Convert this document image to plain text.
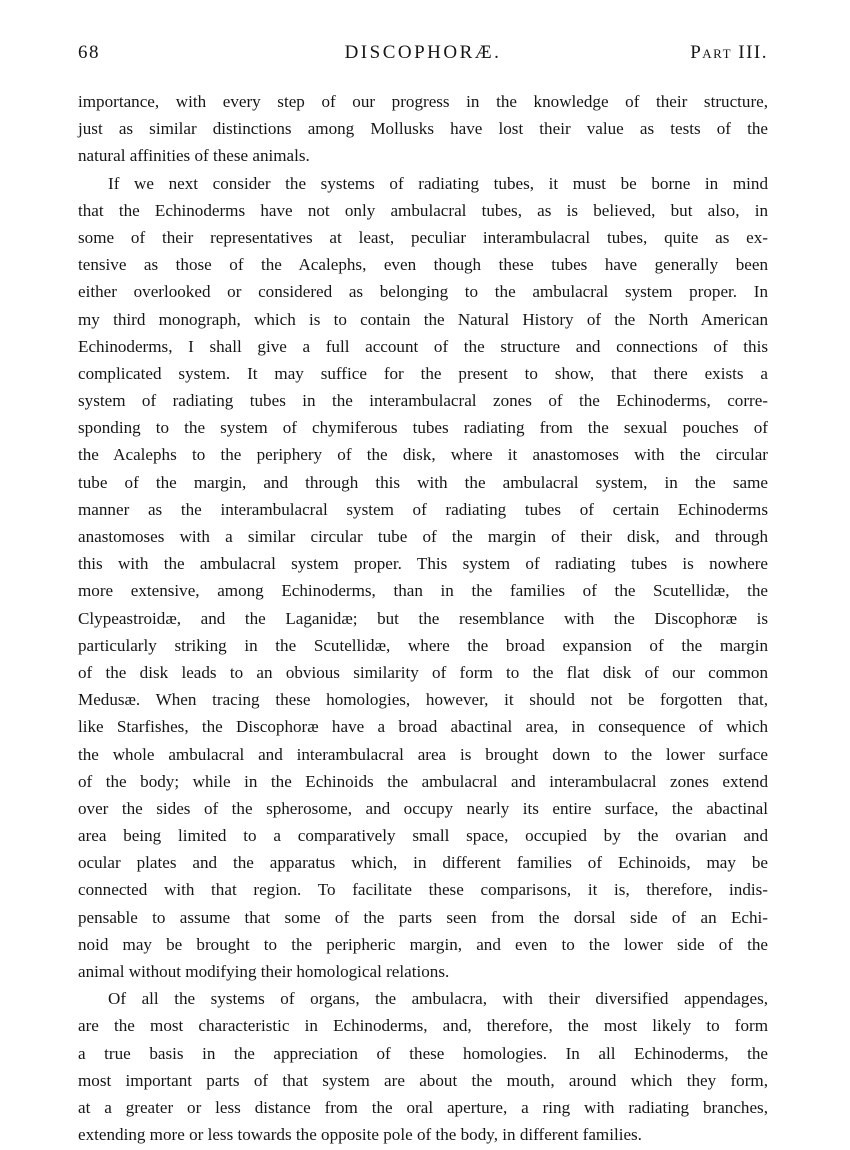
68	DISCOPHORÆ.	Part III.

importance, with every step of our progress in the knowledge of their structure,
just as similar distinctions among Mollusks have lost their value as tests of the
natural affinities of these animals.

If we next consider the systems of radiating tubes, it must be borne in mind
that the Echinoderms have not only ambulacral tubes, as is believed, but also, in
some of their representatives at least, peculiar interambulacral tubes, quite as ex-
tensive as those of the Acalephs, even though these tubes have generally been
either overlooked or considered as belonging to the ambulacral system proper. In
my third monograph, which is to contain the Natural History of the North American
Echinoderms, I shall give a full account of the structure and connections of this
complicated system. It may suffice for the present to show, that there exists a
system of radiating tubes in the interambulacral zones of the Echinoderms, corre-
sponding to the system of chymiferous tubes radiating from the sexual pouches of
the Acalephs to the periphery of the disk, where it anastomoses with the circular
tube of the margin, and through this with the ambulacral system, in the same
manner as the interambulacral system of radiating tubes of certain Echinoderms
anastomoses with a similar circular tube of the margin of their disk, and through
this with the ambulacral system proper. This system of radiating tubes is nowhere
more extensive, among Echinoderms, than in the families of the Scutellidæ, the
Clypeastroidæ, and the Laganidæ; but the resemblance with the Discophoræ is
particularly striking in the Scutellidæ, where the broad expansion of the margin
of the disk leads to an obvious similarity of form to the flat disk of our common
Medusæ. When tracing these homologies, however, it should not be forgotten that,
like Starfishes, the Discophoræ have a broad abactinal area, in consequence of which
the whole ambulacral and interambulacral area is brought down to the lower surface
of the body; while in the Echinoids the ambulacral and interambulacral zones extend
over the sides of the spherosome, and occupy nearly its entire surface, the abactinal
area being limited to a comparatively small space, occupied by the ovarian and
ocular plates and the apparatus which, in different families of Echinoids, may be
connected with that region. To facilitate these comparisons, it is, therefore, indis-
pensable to assume that some of the parts seen from the dorsal side of an Echi-
noid may be brought to the peripheric margin, and even to the lower side of the
animal without modifying their homological relations.

Of all the systems of organs, the ambulacra, with their diversified appendages,
are the most characteristic in Echinoderms, and, therefore, the most likely to form
a true basis in the appreciation of these homologies. In all Echinoderms, the
most important parts of that system are about the mouth, around which they form,
at a greater or less distance from the oral aperture, a ring with radiating branches,
extending more or less towards the opposite pole of the body, in different families.
